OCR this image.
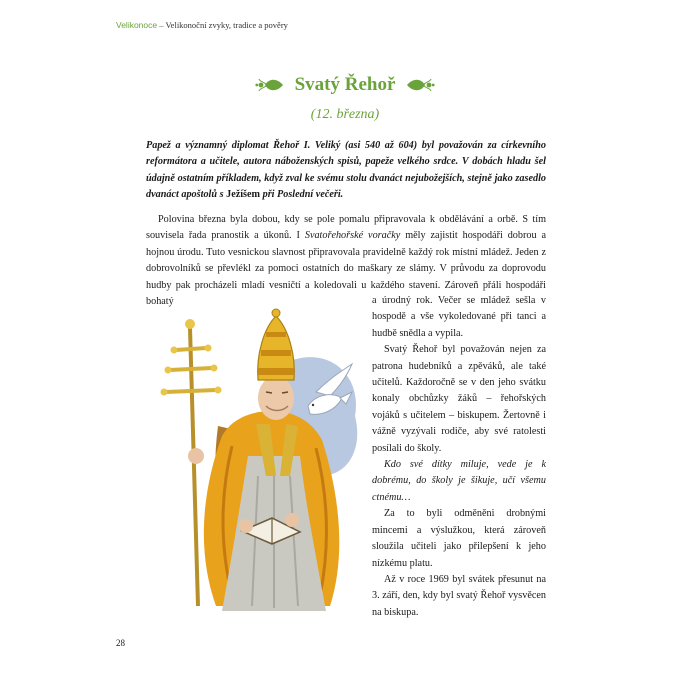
Velikonoce – Velikonoční zvyky, tradice a pověry
Svatý Řehoř
(12. března)
Papež a významný diplomat Řehoř I. Veliký (asi 540 až 604) byl považován za církevního reformátora a učitele, autora náboženských spisů, papeže velkého srdce. V dobách hladu šel údajně ostatním příkladem, když zval ke svému stolu dvanáct nejubožejších, stejně jako zasedlo dvanáct apoštolů s Ježíšem při Poslední večeři.

Polovina března byla dobou, kdy se pole pomalu připravovala k obdělávání a orbě. S tím souvisela řada pranostik a úkonů. I Svatořehořské voračky měly zajistit hospodáři dobrou a hojnou úrodu. Tuto vesnickou slavnost připravovala pravidelně každý rok místní mládež. Jeden z dobrovolníků se převlékl za pomoci ostatních do maškary ze slámy. V průvodu za doprovodu hudby pak procházeli mladí vesničtí a koledovali u každého stavení. Zároveň přáli hospodáři bohatý	a úrodný rok. Večer se mládež sešla v hospodě a vše vykoledované při tanci a hudbě snědla a vypila.

Svatý Řehoř byl považován nejen za patrona hudebníků a zpěváků, ale také učitelů. Každoročně se v den jeho svátku konaly obchůzky žáků – řehořských vojáků s učitelem – biskupem. Žertovně i vážně vyzývali rodiče, aby své ratolesti posílali do školy.

Kdo své dítky miluje, vede je k dobrému, do školy je šikuje, učí všemu ctnému…

Za to byli odměněni drobnými mincemi a výslužkou, která zároveň sloužila učiteli jako přilepšení k jeho nízkému platu.

Až v roce 1969 byl svátek přesunut na 3. září, den, kdy byl svatý Řehoř vysvěcen na biskupa.

28
